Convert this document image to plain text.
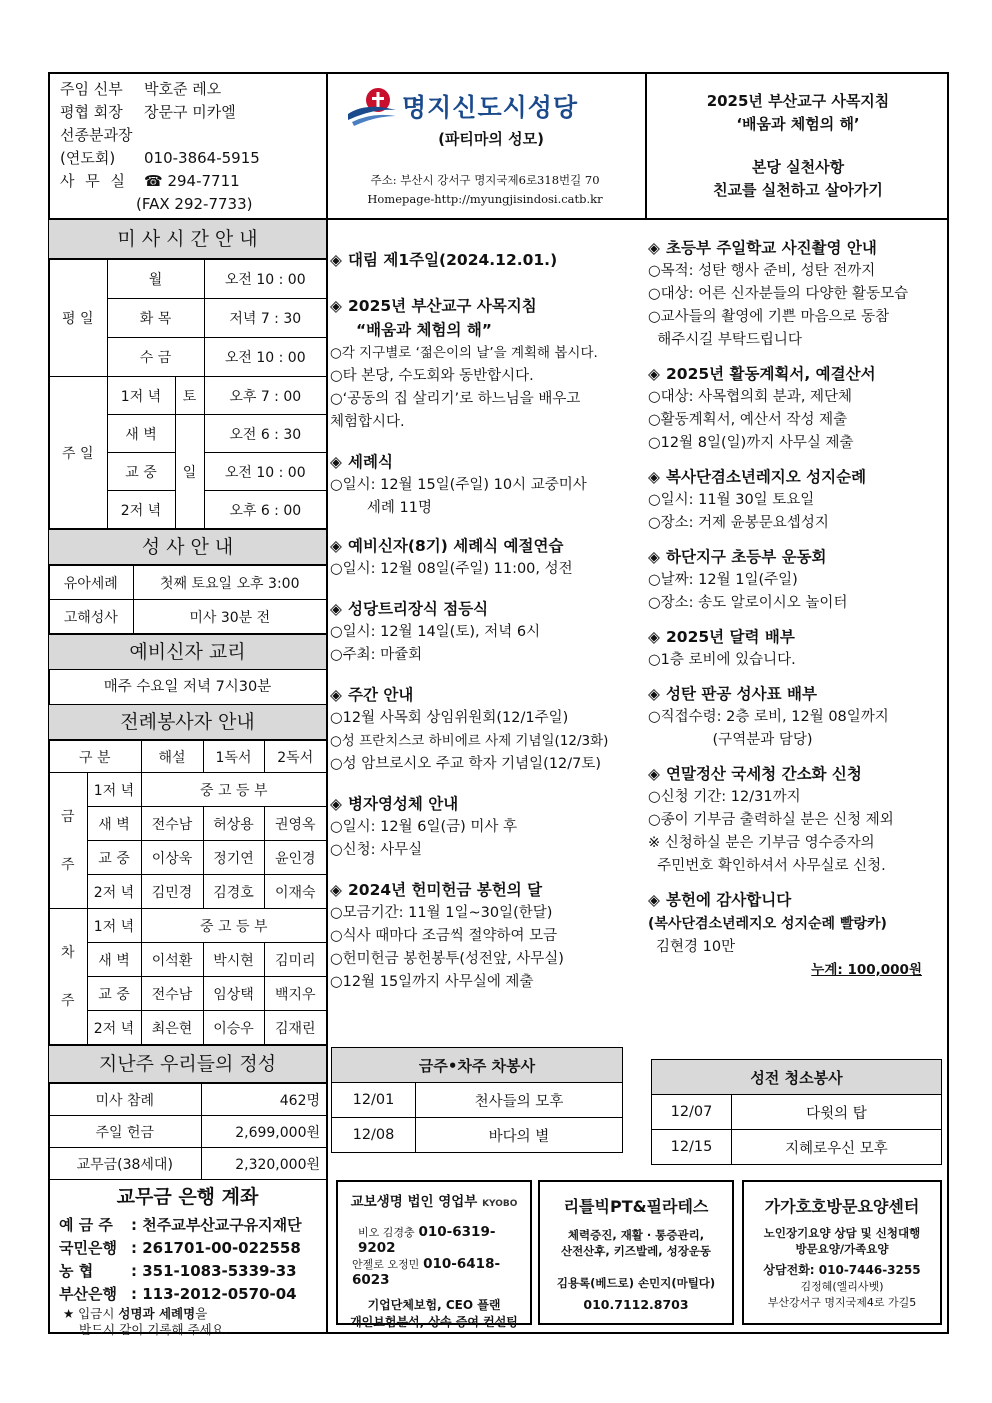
주임 신부 박호준 레오
평협 회장 장문구 미카엘
선종분과장
(연도회) 010-3864-5915
사 무 실 ☎ 294-7711
(FAX 292-7733)
명지신도시성당
(파티마의 성모)
주소: 부산시 강서구 명지국제6로318번길 70
Homepage-http://myungjisindosi.catb.kr
2025년 부산교구 사목지침
‘배움과 체험의 해’
본당 실천사항
친교를 실천하고 살아가기
미 사 시 간 안 내
평 일	월		오전 10 : 00
	화 목		저녁 7 : 30
	수 금		오전 10 : 00
주 일	1저 녁	토	오후 7 : 00
	새 벽	일	오전 6 : 30
	교 중		오전 10 : 00
	2저 녁		오후 6 : 00
성 사 안 내
유아세례	첫째 토요일 오후 3:00
고해성사	미사 30분 전
예비신자 교리
매주 수요일 저녁 7시30분
전례봉사자 안내
구 분		해설	1독서	2독서

금 주	1저 녁	중 고 등 부		
	새 벽	전수남	허상용	권영옥
	교 중	이상욱	정기연	윤인경
	2저 녁	김민경	김경호	이재숙

차 주	1저 녁	중 고 등 부		
	새 벽	이석환	박시현	김미리
	교 중	전수남	임상택	백지우
	2저 녁	최은현	이승우	김재린
지난주 우리들의 정성
미사 참례	462명
주일 헌금	2,699,000원
교무금(38세대)	2,320,000원
교무금 은행 계좌
예 금 주 : 천주교부산교구유지재단
국민은행 : 261701-00-022558
농 협	: 351-1083-5339-33
부산은행 : 113-2012-0570-04
★ 입금시 성명과 세례명을
반드시 같이 기록해 주세요.
◈ 대림 제1주일(2024.12.01.)
◈ 2025년 부산교구 사목지침
“배움과 체험의 해”
○각 지구별로 ‘젊은이의 날’을 계획해 봅시다.
○타 본당, 수도회와 동반합시다.
○‘공동의 집 살리기’로 하느님을 배우고
체험합시다.
◈ 세례식
○일시: 12월 15일(주일) 10시 교중미사
세례 11명
◈ 예비신자(8기) 세례식 예절연습
○일시: 12월 08일(주일) 11:00, 성전
◈ 성당트리장식 점등식
○일시: 12월 14일(토), 저녁 6시
○주최: 마쥴회
◈ 주간 안내
○12월 사목회 상임위원회(12/1주일)
○성 프란치스코 하비에르 사제 기념일(12/3화)
○성 암브로시오 주교 학자 기념일(12/7토)
◈ 병자영성체 안내
○일시: 12월 6일(금) 미사 후
○신청: 사무실
◈ 2024년 헌미헌금 봉헌의 달
○모금기간: 11월 1일~30일(한달)
○식사 때마다 조금씩 절약하여 모금
○헌미헌금 봉헌봉투(성전앞, 사무실)
○12월 15일까지 사무실에 제출
◈ 초등부 주일학교 사진촬영 안내
○목적: 성탄 행사 준비, 성탄 전까지
○대상: 어른 신자분들의 다양한 활동모습
○교사들의 촬영에 기쁜 마음으로 동참
해주시길 부탁드립니다
◈ 2025년 활동계획서, 예결산서
○대상: 사목협의회 분과, 제단체
○활동계획서, 예산서 작성 제출
○12월 8일(일)까지 사무실 제출
◈ 복사단겸소년레지오 성지순례
○일시: 11월 30일 토요일
○장소: 거제 윤봉문요셉성지
◈ 하단지구 초등부 운동회
○날짜: 12월 1일(주일)
○장소: 송도 알로이시오 놀이터
◈ 2025년 달력 배부
○1층 로비에 있습니다.
◈ 성탄 판공 성사표 배부
○직접수령: 2층 로비, 12월 08일까지
(구역분과 담당)
◈ 연말정산 국세청 간소화 신청
○신청 기간: 12/31까지
○종이 기부금 출력하실 분은 신청 제외
※ 신청하실 분은 기부금 영수증자의
주민번호 확인하셔서 사무실로 신청.
◈ 봉헌에 감사합니다
(복사단겸소년레지오 성지순례 빨랑카)
김현경 10만
누계: 100,000원
금주•차주 차봉사	
12/01	천사들의 모후
12/08	바다의 별
성전 청소봉사	
12/07	다윗의 탑
12/15	지혜로우신 모후
교보생명 법인 영업부 KYOBO
비오 김경충 010-6319-9202
안젤로 오정민 010-6418-6023
기업단체보험, CEO 플랜
개인보험분석, 상속 증여 컨설팅
리틀빅PT&필라테스
체력증진, 재활 · 통증관리,
산전산후, 키즈발레, 성장운동
김용록(베드로) 손민지(마틸다)
010.7112.8703
가가호호방문요양센터
노인장기요양 상담 및 신청대행
방문요양/가족요양
상담전화: 010-7446-3255
김정혜(엘리사벳)
부산강서구 명지국제4로 가길5
